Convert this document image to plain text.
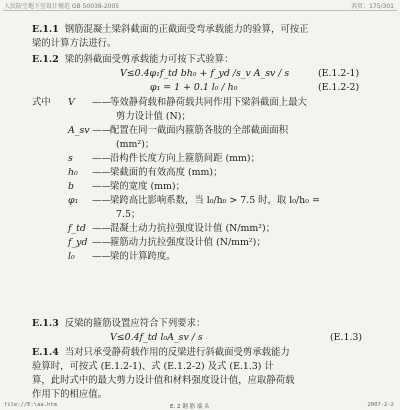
人民防空地下室设计规范 GB 50038-2005	共页：175/301
E.1.1 钢筋混凝土梁斜截面的正截面受弯承载能力的验算，可按正
梁的计算方法进行。
E.1.2 梁的斜截面受剪承载能力可按下式验算：
V≤0.4φ₁f_td bh₀ + f_yd /s_v A_sv / s	(E.1.2-1)
φ₁ = 1 + 0.1 l₀ / h₀	(E.1.2-2)
式中 V —— 等效静荷载和静荷载共同作用下梁斜截面上最大
剪力设计值 (N)；
A_sv —— 配置在同一截面内箍筋各肢的全部截面面积
(mm²)；
s —— 沿构件长度方向上箍筋间距 (mm)；
h₀ —— 梁截面的有效高度 (mm)；
b —— 梁的宽度 (mm)；
φ₁ —— 梁跨高比影响系数，当 l₀/h₀ > 7.5 时，取 l₀/h₀ =
7.5；
f_td —— 混凝土动力抗拉强度设计值 (N/mm²)；
f_yd —— 箍筋动力抗拉强度设计值 (N/mm²)；
l₀ —— 梁的计算跨度。
E.1.3 反梁的箍筋设置应符合下列要求：
V≤0.4f_td l₀A_sv / s	(E.1.3)
E.1.4 当对只承受静荷载作用的反梁进行斜截面受剪承载能力
验算时，可按式 (E.1.2-1)、式 (E.1.2-2) 及式 (E.1.3) 计
算，此时式中的最大剪力设计值和材料强度设计值，应取静荷载
作用下的相应值。
E. 2 钢 筋 端 头
file://E:\aa.htm	2007-2-2
